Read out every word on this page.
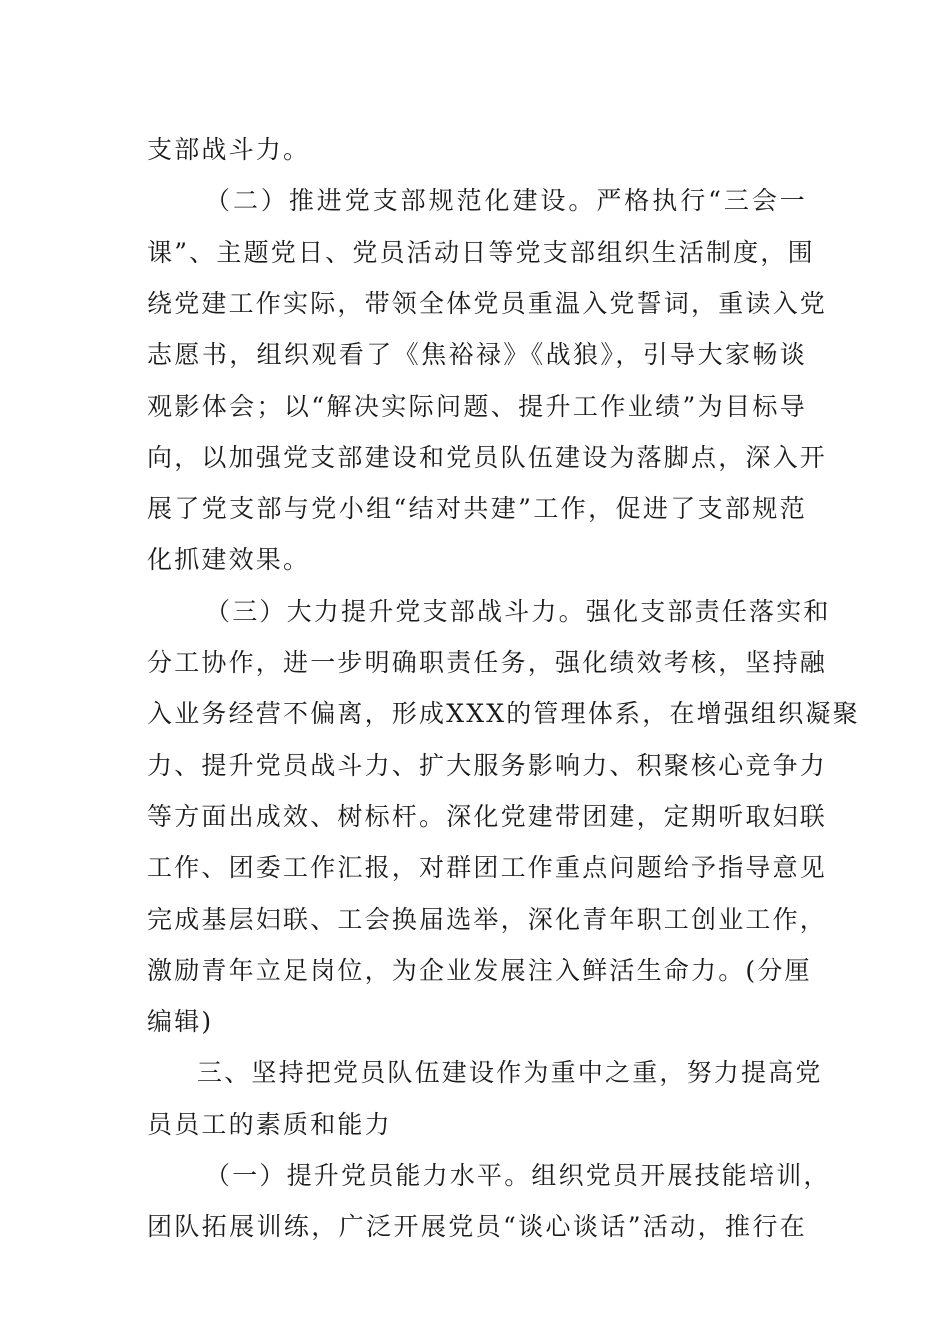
支部战斗力。
（二）推进党支部规范化建设。严格执行“三会一
课”、主题党日、党员活动日等党支部组织生活制度，围
绕党建工作实际，带领全体党员重温入党誓词，重读入党
志愿书，组织观看了《焦裕禄》《战狼》，引导大家畅谈
观影体会；以“解决实际问题、提升工作业绩”为目标导
向，以加强党支部建设和党员队伍建设为落脚点，深入开
展了党支部与党小组“结对共建”工作，促进了支部规范
化抓建效果。
（三）大力提升党支部战斗力。强化支部责任落实和
分工协作，进一步明确职责任务，强化绩效考核，坚持融
入业务经营不偏离，形成XXX的管理体系，在增强组织凝聚
力、提升党员战斗力、扩大服务影响力、积聚核心竞争力
等方面出成效、树标杆。深化党建带团建，定期听取妇联
工作、团委工作汇报，对群团工作重点问题给予指导意见
完成基层妇联、工会换届选举，深化青年职工创业工作，
激励青年立足岗位，为企业发展注入鲜活生命力。(分厘
编辑)
三、坚持把党员队伍建设作为重中之重，努力提高党
员员工的素质和能力
（一）提升党员能力水平。组织党员开展技能培训，
团队拓展训练，广泛开展党员“谈心谈话”活动，推行在
